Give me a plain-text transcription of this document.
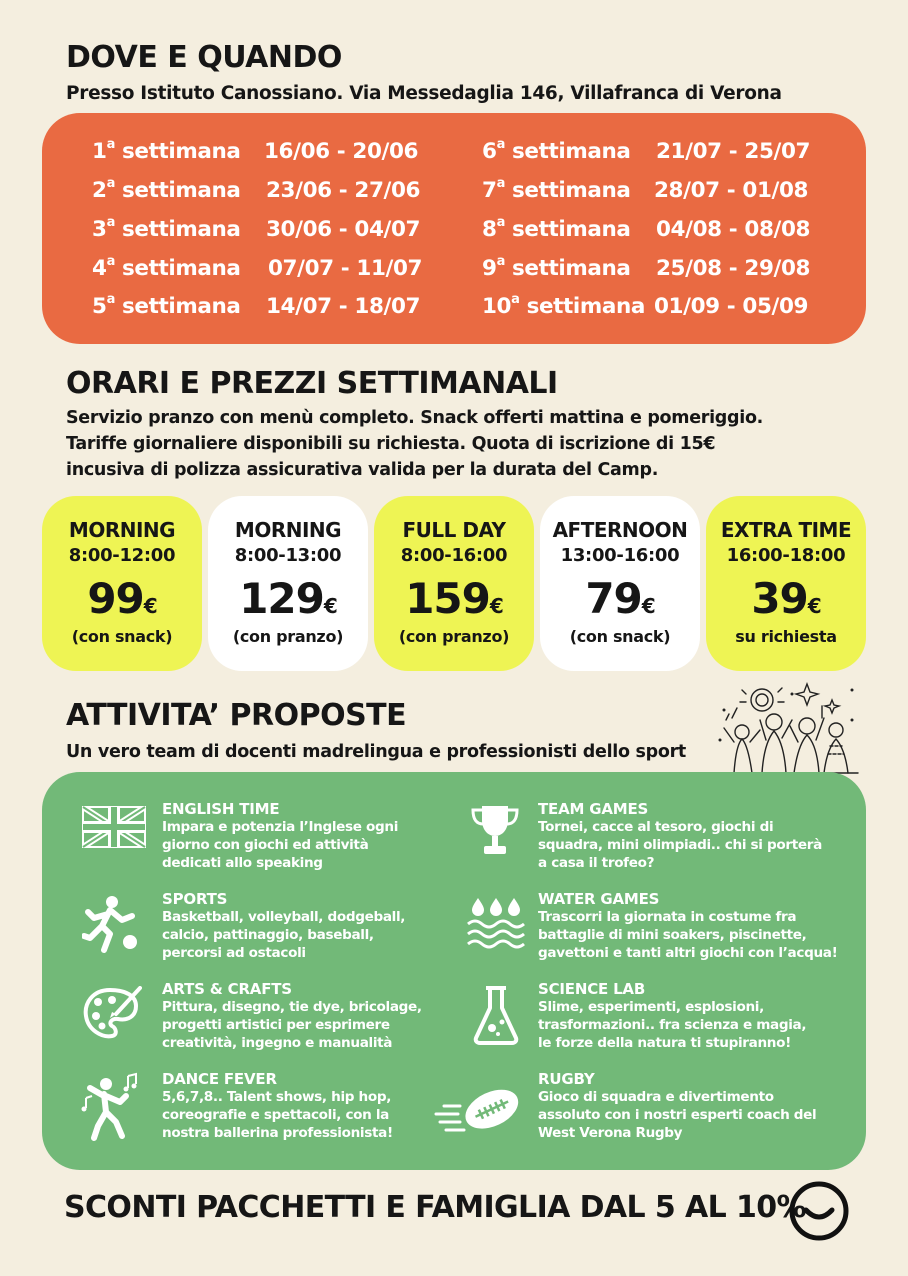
DOVE E QUANDO
Presso Istituto Canossiano. Via Messedaglia 146, Villafranca di Verona
1$^a$ settimana 16/06 - 20/06
2$^a$ settimana 23/06 - 27/06
3$^a$ settimana 30/06 - 04/07
4$^a$ settimana 07/07 - 11/07
5$^a$ settimana 14/07 - 18/07
6$^a$ settimana 21/07 - 25/07
7$^a$ settimana 28/07 - 01/08
8$^a$ settimana 04/08 - 08/08
9$^a$ settimana 25/08 - 29/08
10$^a$ settimana 01/09 - 05/09
ORARI E PREZZI SETTIMANALI
Servizio pranzo con menù completo. Snack offerti mattina e pomeriggio.
Tariffe giornaliere disponibili su richiesta. Quota di iscrizione di 15€
incusiva di polizza assicurativa valida per la durata del Camp.
MORNING
8:00-12:00
99€
(con snack)
MORNING
8:00-13:00
129€
(con pranzo)
FULL DAY
8:00-16:00
159€
(con pranzo)
AFTERNOON
13:00-16:00
79€
(con snack)
EXTRA TIME
16:00-18:00
39€
su richiesta
ATTIVITA’ PROPOSTE
Un vero team di docenti madrelingua e professionisti dello sport
ENGLISH TIME
Impara e potenzia l’Inglese ogni
giorno con giochi ed attività
dedicati allo speaking
SPORTS
Basketball, volleyball, dodgeball,
calcio, pattinaggio, baseball,
percorsi ad ostacoli
ARTS & CRAFTS
Pittura, disegno, tie dye, bricolage,
progetti artistici per esprimere
creatività, ingegno e manualità
DANCE FEVER
5,6,7,8.. Talent shows, hip hop,
coreografie e spettacoli, con la
nostra ballerina professionista!
TEAM GAMES
Tornei, cacce al tesoro, giochi di
squadra, mini olimpiadi.. chi si porterà
a casa il trofeo?
WATER GAMES
Trascorri la giornata in costume fra
battaglie di mini soakers, piscinette,
gavettoni e tanti altri giochi con l’acqua!
SCIENCE LAB
Slime, esperimenti, esplosioni,
trasformazioni.. fra scienza e magia,
le forze della natura ti stupiranno!
RUGBY
Gioco di squadra e divertimento
assoluto con i nostri esperti coach del
West Verona Rugby
SCONTI PACCHETTI E FAMIGLIA DAL 5 AL 10%
